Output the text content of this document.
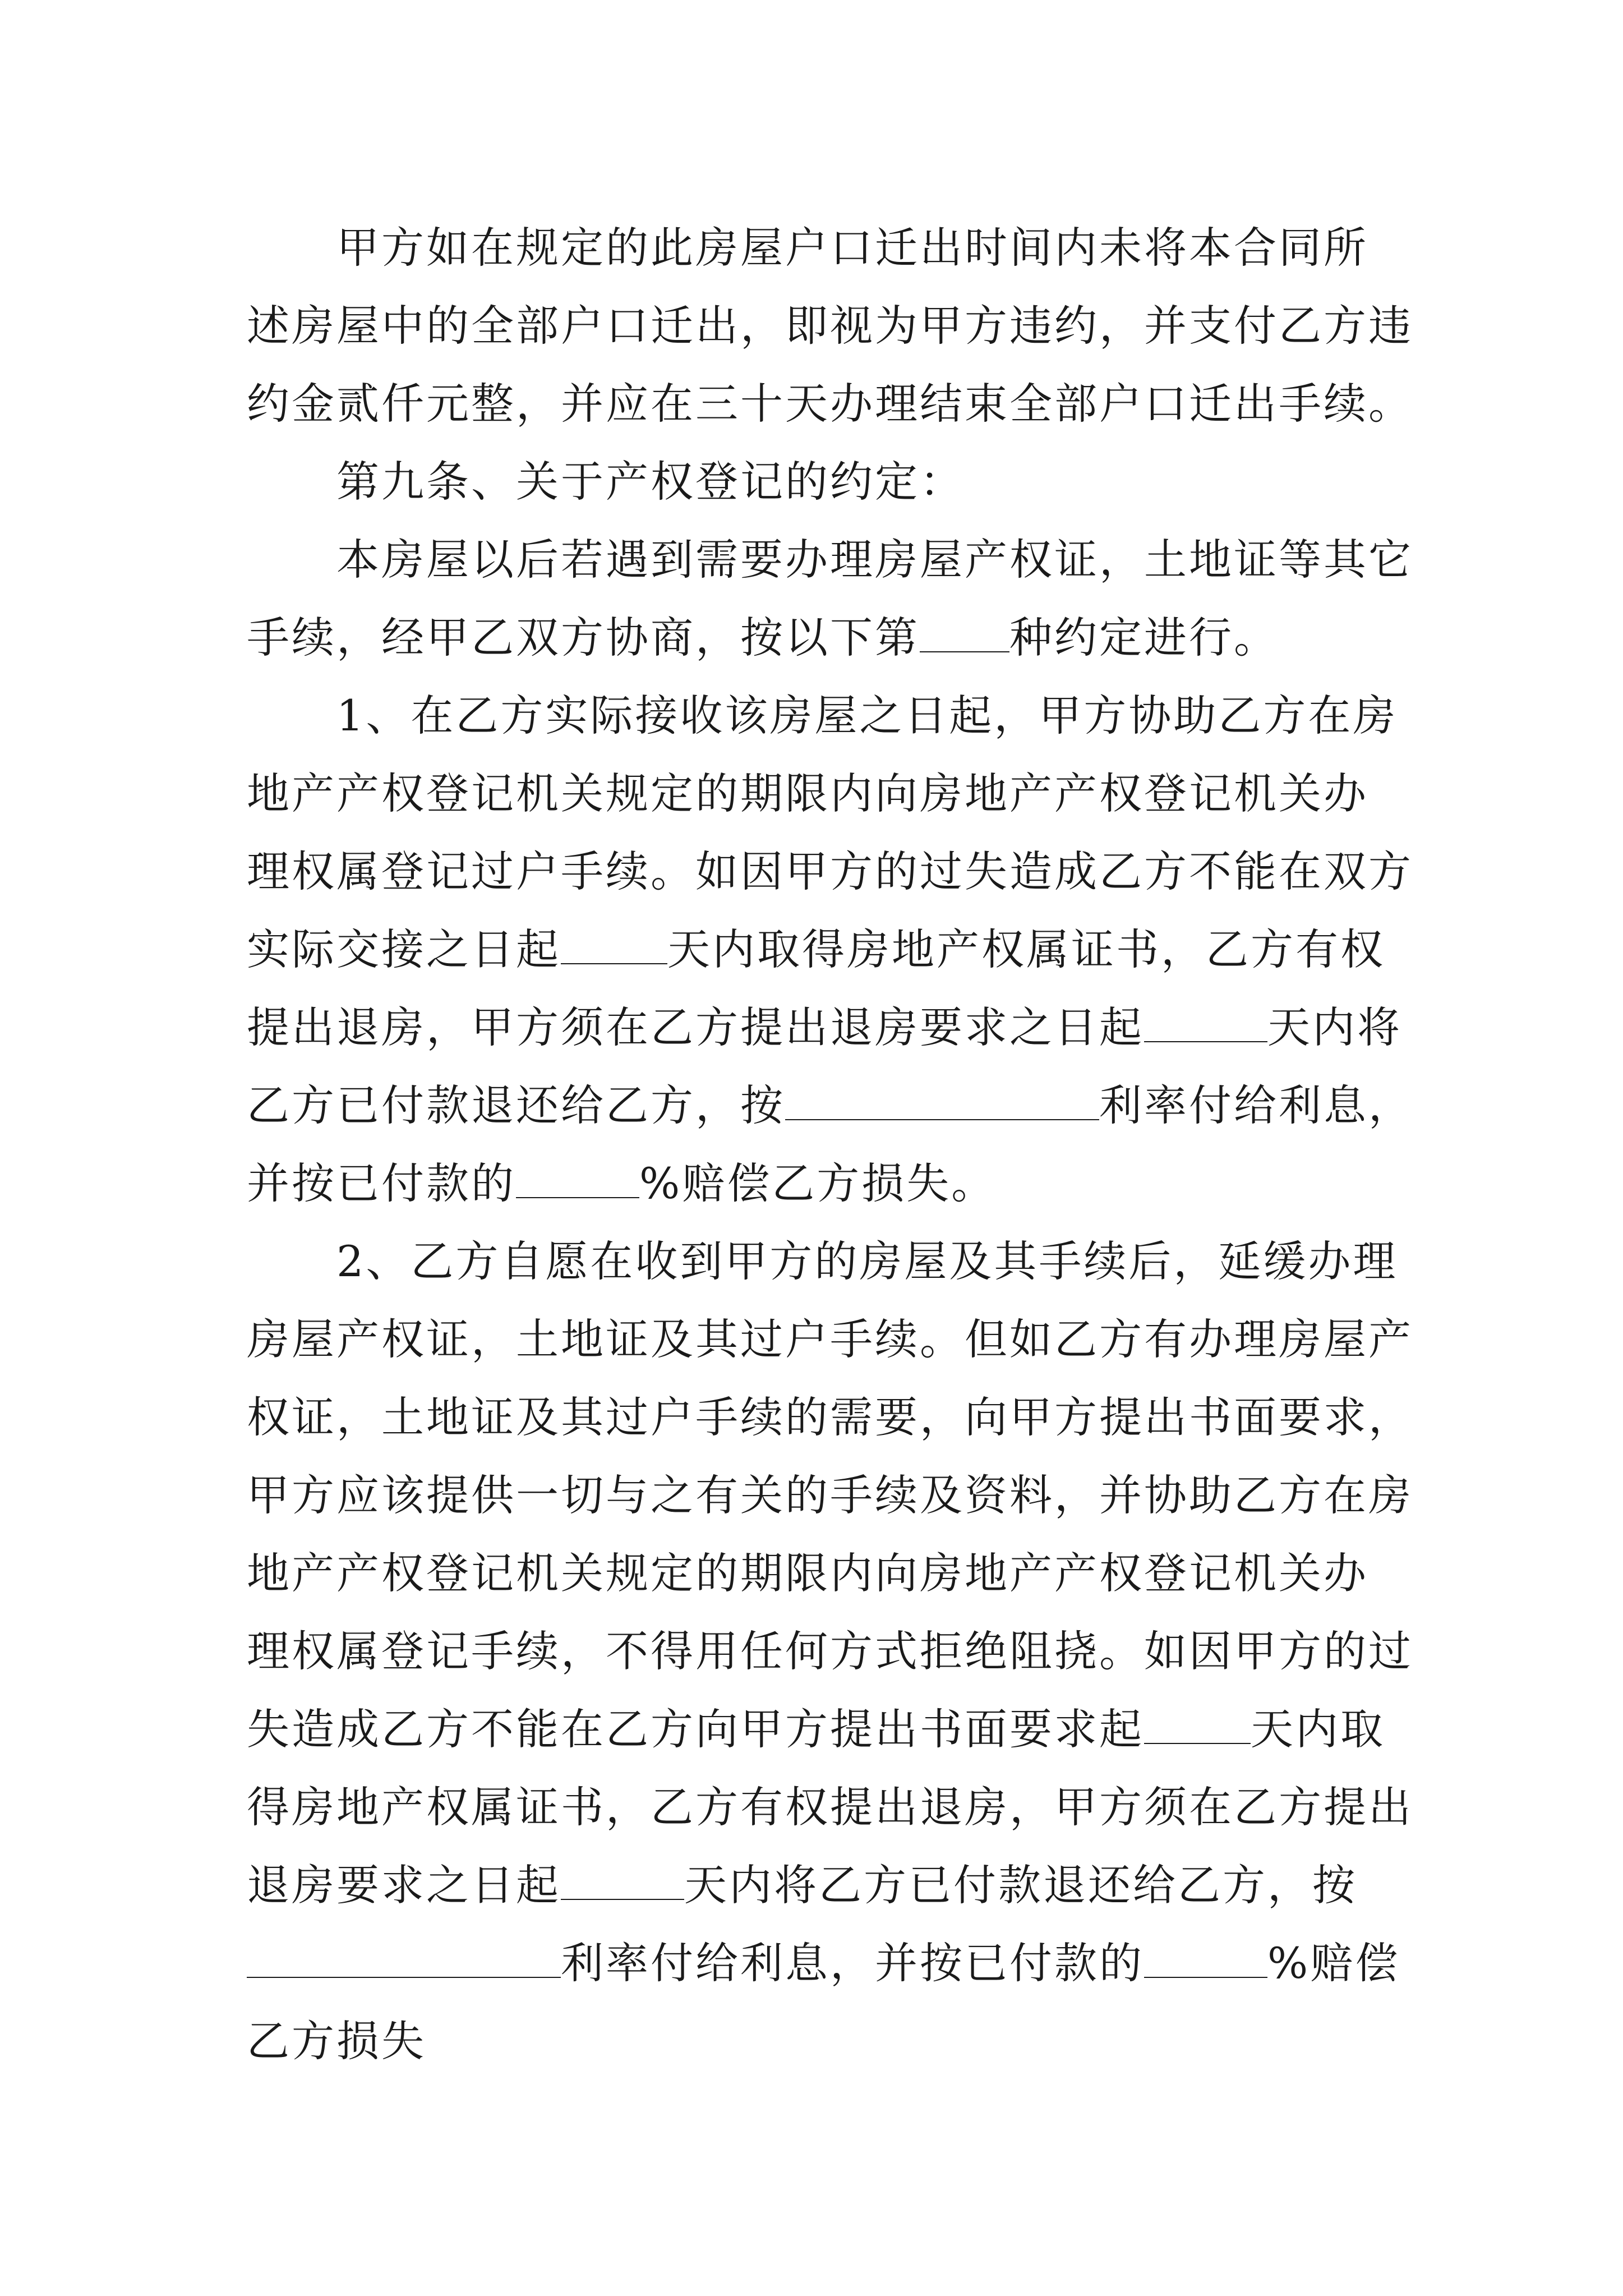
　　甲方如在规定的此房屋户口迁出时间内未将本合同所
述房屋中的全部户口迁出，即视为甲方违约，并支付乙方违
约金贰仟元整，并应在三十天办理结束全部户口迁出手续。
　　第九条、关于产权登记的约定：
　　本房屋以后若遇到需要办理房屋产权证，土地证等其它
手续，经甲乙双方协商，按以下第 种约定进行。
　　1、在乙方实际接收该房屋之日起，甲方协助乙方在房
地产产权登记机关规定的期限内向房地产产权登记机关办
理权属登记过户手续。如因甲方的过失造成乙方不能在双方
实际交接之日起	天内取得房地产权属证书，乙方有权
提出退房，甲方须在乙方提出退房要求之日起	天内将
乙方已付款退还给乙方，按	利率付给利息，
并按已付款的	%赔偿乙方损失。
　　2、乙方自愿在收到甲方的房屋及其手续后，延缓办理
房屋产权证，土地证及其过户手续。但如乙方有办理房屋产
权证，土地证及其过户手续的需要，向甲方提出书面要求，
甲方应该提供一切与之有关的手续及资料，并协助乙方在房
地产产权登记机关规定的期限内向房地产产权登记机关办
理权属登记手续，不得用任何方式拒绝阻挠。如因甲方的过
失造成乙方不能在乙方向甲方提出书面要求起	天内取
得房地产权属证书，乙方有权提出退房，甲方须在乙方提出
退房要求之日起	天内将乙方已付款退还给乙方，按
利率付给利息，并按已付款的	%赔偿
乙方损失
